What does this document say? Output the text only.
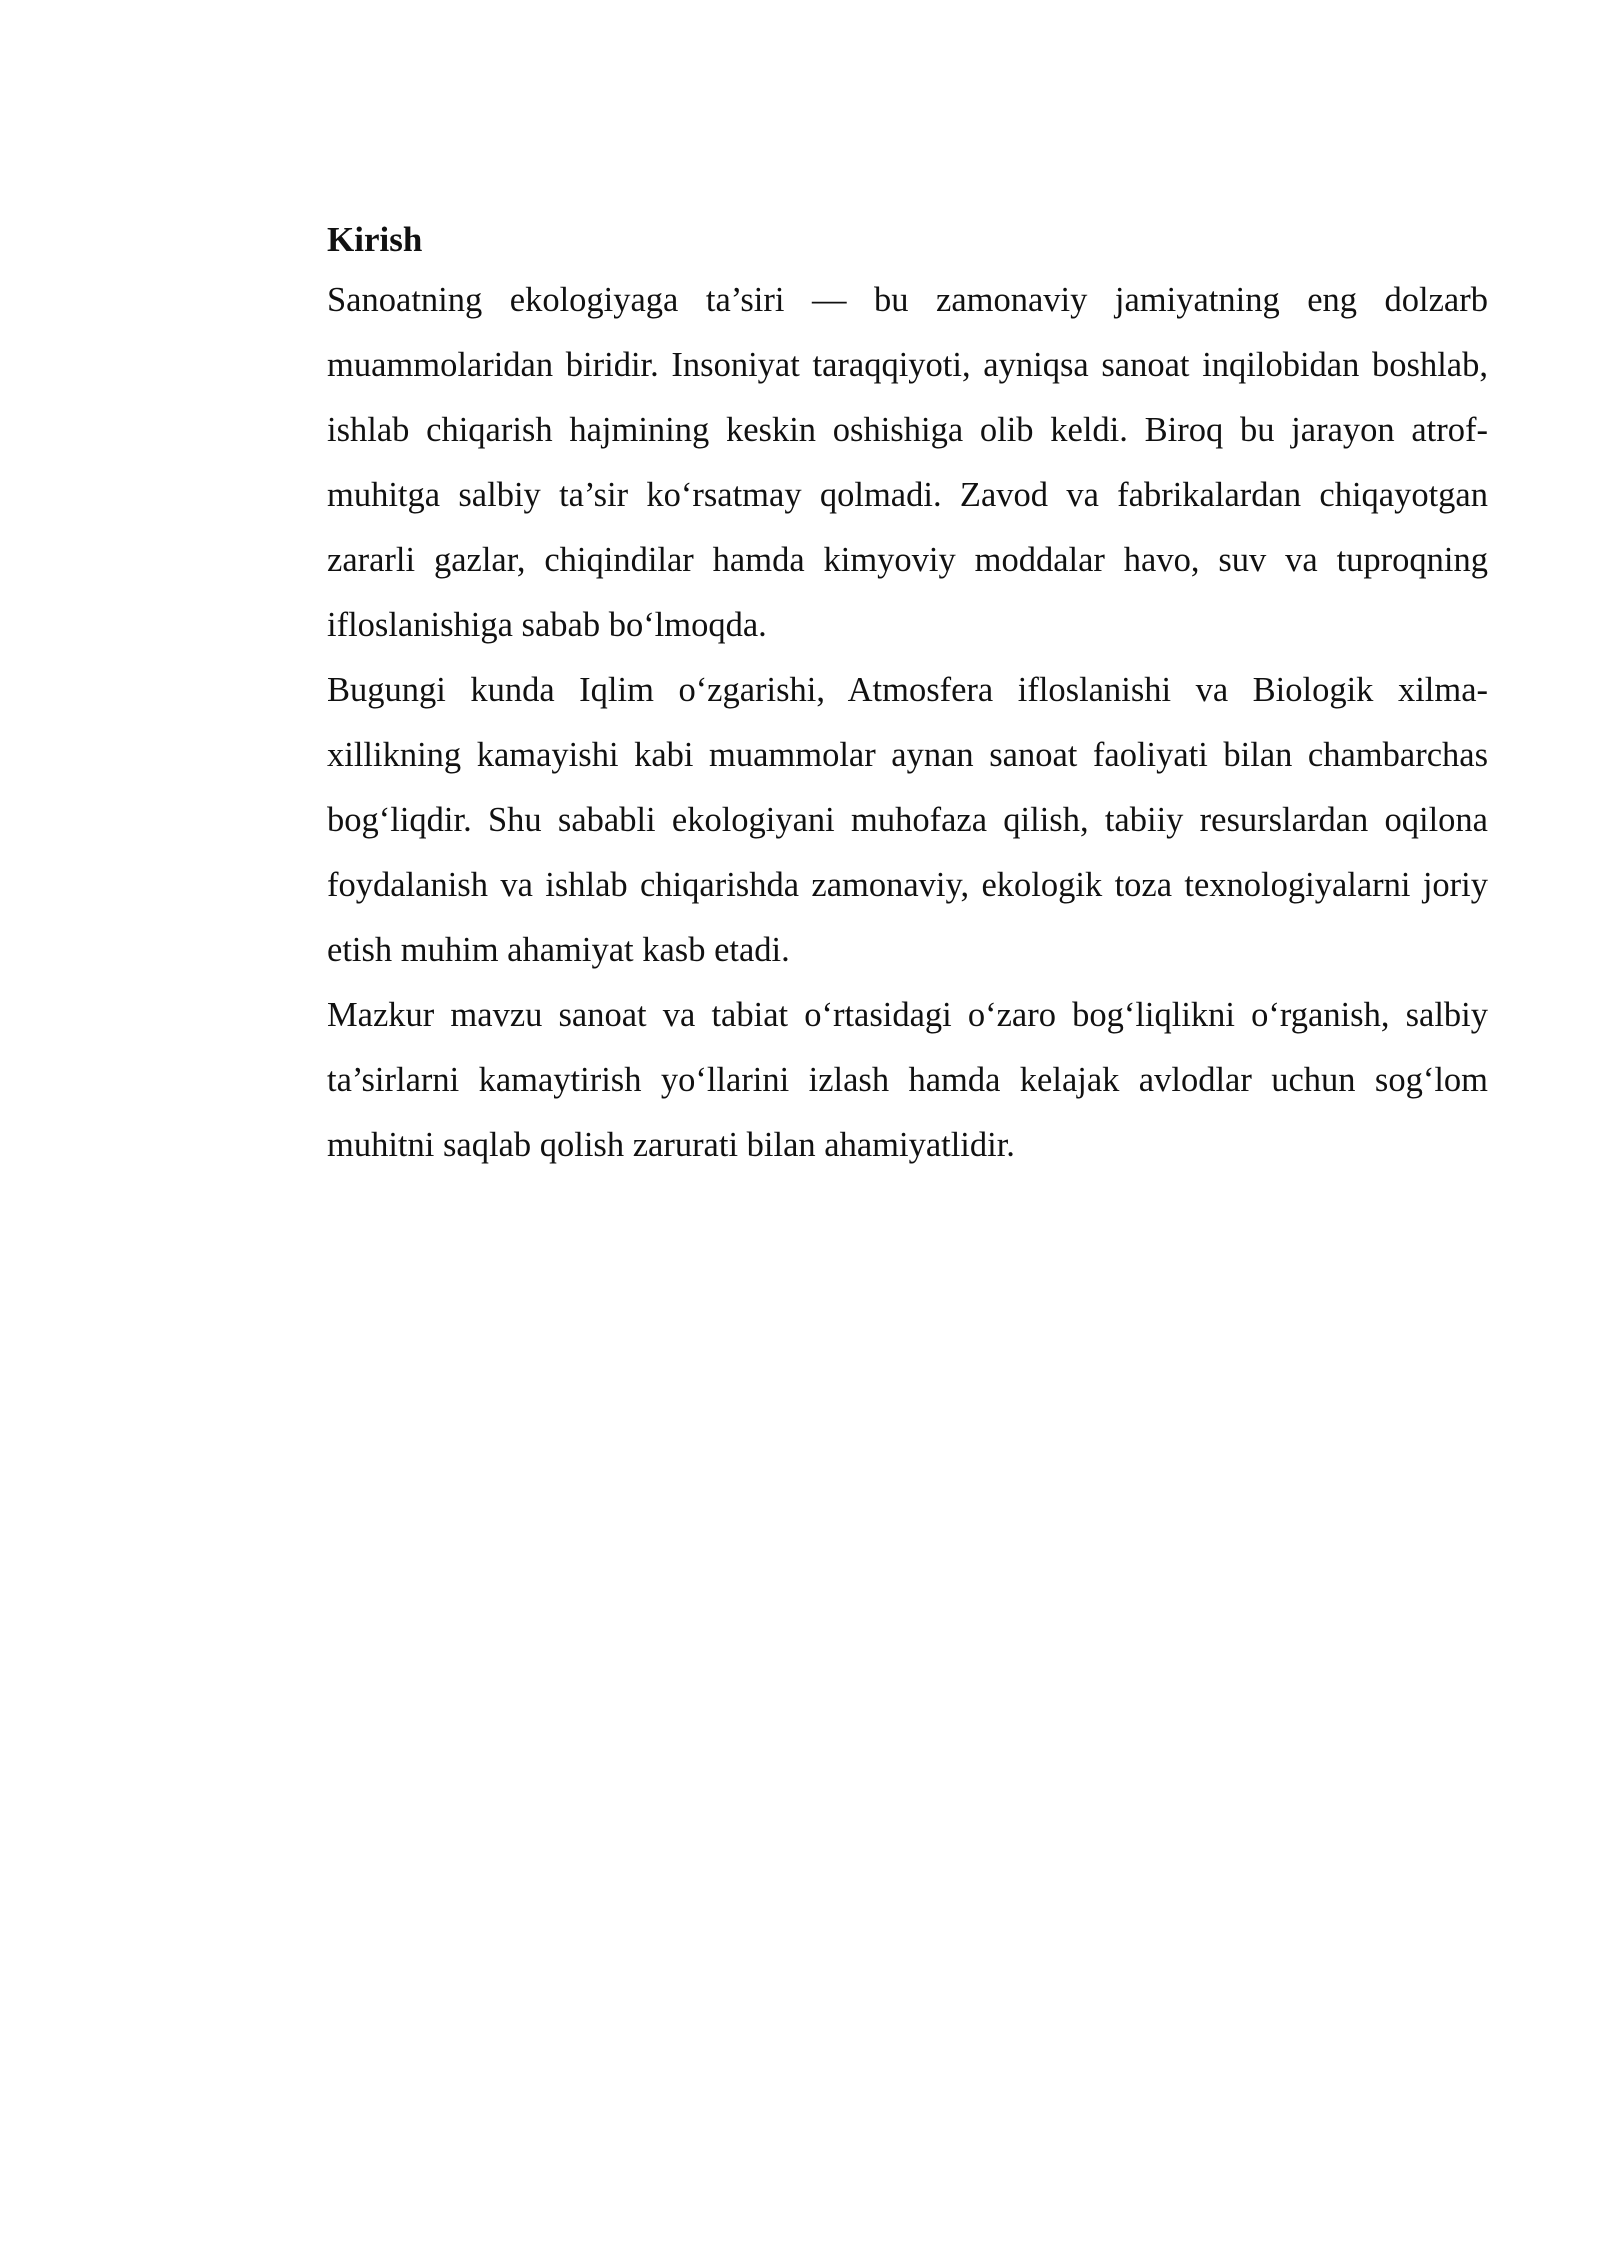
Kirish

Sanoatning ekologiyaga ta’siri — bu zamonaviy jamiyatning eng dolzarb muammolaridan biridir. Insoniyat taraqqiyoti, ayniqsa sanoat inqilobidan boshlab, ishlab chiqarish hajmining keskin oshishiga olib keldi. Biroq bu jarayon atrof-muhitga salbiy ta’sir ko‘rsatmay qolmadi. Zavod va fabrikalardan chiqayotgan zararli gazlar, chiqindilar hamda kimyoviy moddalar havo, suv va tuproqning ifloslanishiga sabab bo‘lmoqda.

Bugungi kunda Iqlim o‘zgarishi, Atmosfera ifloslanishi va Biologik xilma-xillikning kamayishi kabi muammolar aynan sanoat faoliyati bilan chambarchas bog‘liqdir. Shu sababli ekologiyani muhofaza qilish, tabiiy resurslardan oqilona foydalanish va ishlab chiqarishda zamonaviy, ekologik toza texnologiyalarni joriy etish muhim ahamiyat kasb etadi.

Mazkur mavzu sanoat va tabiat o‘rtasidagi o‘zaro bog‘liqlikni o‘rganish, salbiy ta’sirlarni kamaytirish yo‘llarini izlash hamda kelajak avlodlar uchun sog‘lom muhitni saqlab qolish zarurati bilan ahamiyatlidir.
